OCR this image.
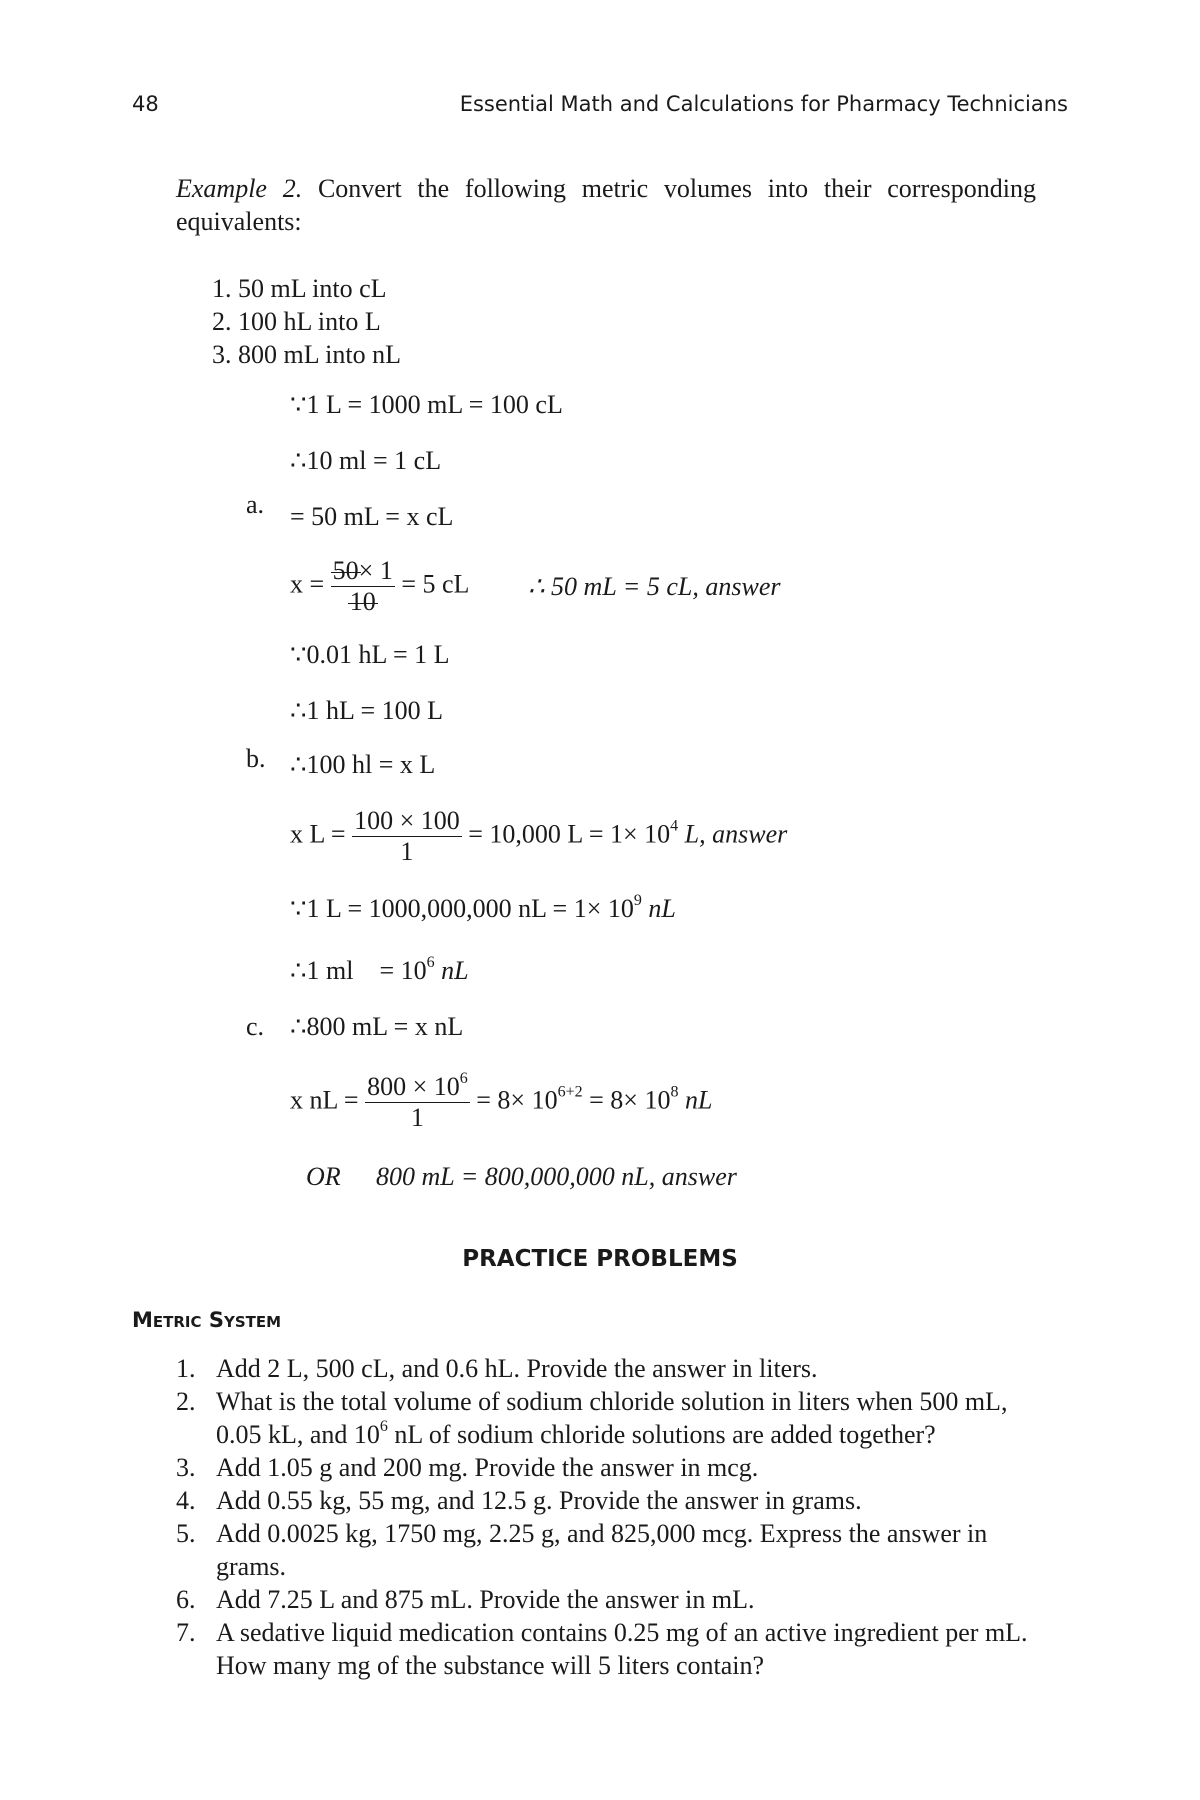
48	Essential Math and Calculations for Pharmacy Technicians
Example 2. Convert the following metric volumes into their corresponding equivalents:
1. 50 mL into cL
2. 100 hL into L
3. 800 mL into nL
∵1 L = 1000 mL = 100 cL
∴10 ml = 1 cL
a. = 50 mL = x cL
$x = \frac{50\times 1}{10} = 5$ cL ∴ 50 mL = 5 cL, answer
∵0.01 hL = 1 L
∴1 hL = 100 L
b. ∴100 hl = x L
x $L = \frac{100 \times 100}{1} = 10,000$ $L = 1\times 10^4$ L, answer
∵1 L = 1000,000,000 nL = $1\times 10^9$ nL
∴1 ml    = $10^6$ nL
c. ∴800 mL = x nL
x nL = $\frac{800 \times 10^6}{1} = 8\times 10^{6+2} = 8\times 10^8$ nL
OR 800 mL = 800,000,000 nL, answer
PRACTICE PROBLEMS
Metric System
1. Add 2 L, 500 cL, and 0.6 hL. Provide the answer in liters.
2. What is the total volume of sodium chloride solution in liters when 500 mL, 0.05 kL, and $10^6$ nL of sodium chloride solutions are added together?
3. Add 1.05 g and 200 mg. Provide the answer in mcg.
4. Add 0.55 kg, 55 mg, and 12.5 g. Provide the answer in grams.
5. Add 0.0025 kg, 1750 mg, 2.25 g, and 825,000 mcg. Express the answer in grams.
6. Add 7.25 L and 875 mL. Provide the answer in mL.
7. A sedative liquid medication contains 0.25 mg of an active ingredient per mL. How many mg of the substance will 5 liters contain?
